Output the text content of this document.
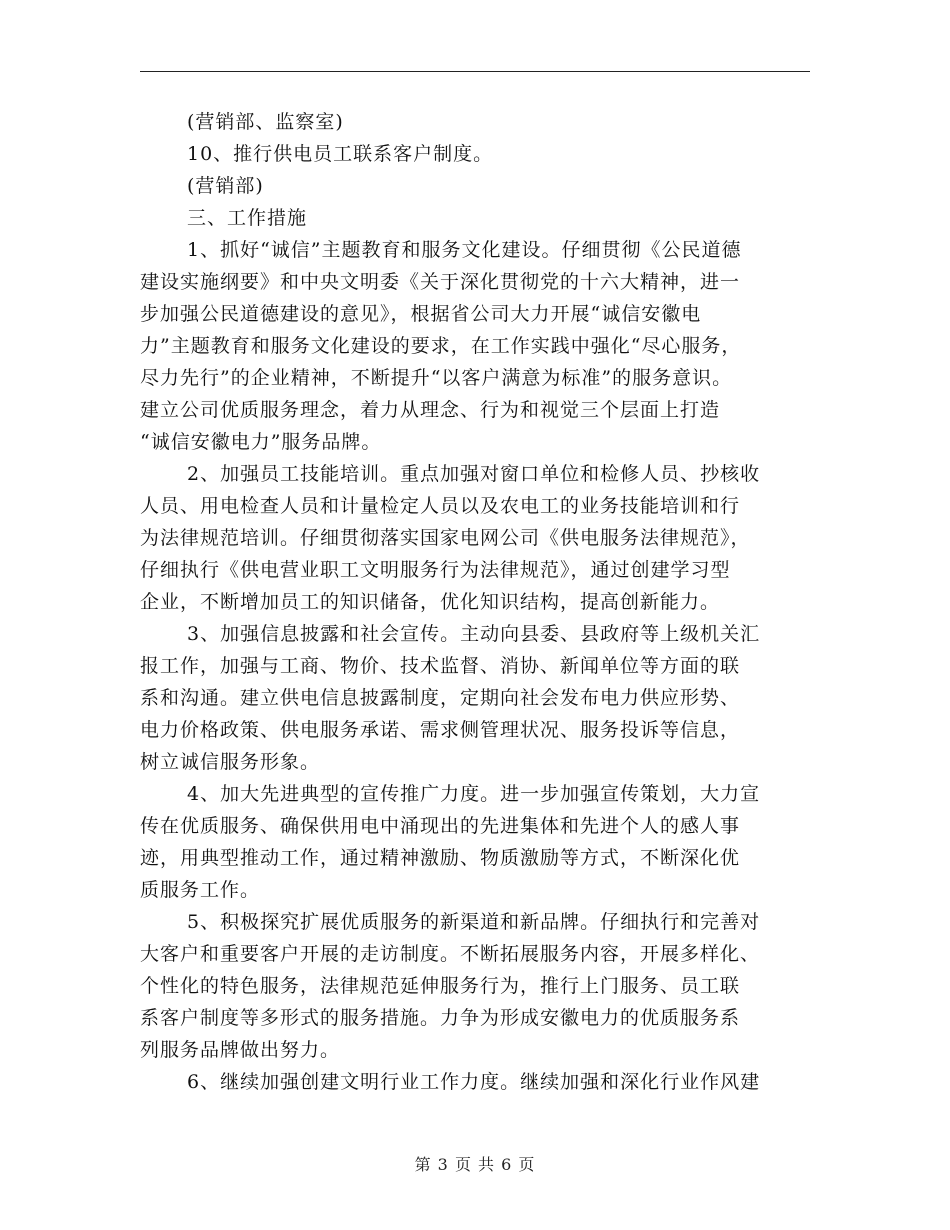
(营销部、监察室)
10、推行供电员工联系客户制度。
(营销部)
三、工作措施
1、抓好“诚信”主题教育和服务文化建设。仔细贯彻《公民道德
建设实施纲要》和中央文明委《关于深化贯彻党的十六大精神，进一
步加强公民道德建设的意见》，根据省公司大力开展“诚信安徽电
力”主题教育和服务文化建设的要求，在工作实践中强化“尽心服务，
尽力先行”的企业精神，不断提升“以客户满意为标准”的服务意识。
建立公司优质服务理念，着力从理念、行为和视觉三个层面上打造
“诚信安徽电力”服务品牌。
2、加强员工技能培训。重点加强对窗口单位和检修人员、抄核收
人员、用电检查人员和计量检定人员以及农电工的业务技能培训和行
为法律规范培训。仔细贯彻落实国家电网公司《供电服务法律规范》，
仔细执行《供电营业职工文明服务行为法律规范》，通过创建学习型
企业，不断增加员工的知识储备，优化知识结构，提高创新能力。
3、加强信息披露和社会宣传。主动向县委、县政府等上级机关汇
报工作，加强与工商、物价、技术监督、消协、新闻单位等方面的联
系和沟通。建立供电信息披露制度，定期向社会发布电力供应形势、
电力价格政策、供电服务承诺、需求侧管理状况、服务投诉等信息，
树立诚信服务形象。
4、加大先进典型的宣传推广力度。进一步加强宣传策划，大力宣
传在优质服务、确保供用电中涌现出的先进集体和先进个人的感人事
迹，用典型推动工作，通过精神激励、物质激励等方式，不断深化优
质服务工作。
5、积极探究扩展优质服务的新渠道和新品牌。仔细执行和完善对
大客户和重要客户开展的走访制度。不断拓展服务内容，开展多样化、
个性化的特色服务，法律规范延伸服务行为，推行上门服务、员工联
系客户制度等多形式的服务措施。力争为形成安徽电力的优质服务系
列服务品牌做出努力。
6、继续加强创建文明行业工作力度。继续加强和深化行业作风建
第 3 页 共 6 页
